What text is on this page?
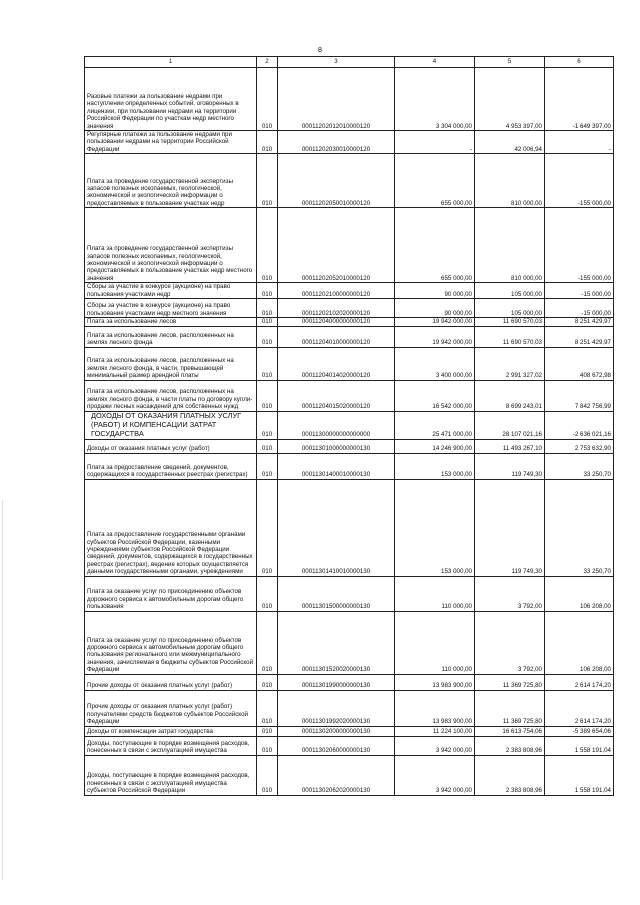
8
1	2	3	4	5	6
Разовые платежи за пользование недрами при наступлении определенных событий, оговоренных в лицензии, при пользовании недрами на территории Российской Федерации по участкам недр местного значения	010	00011202012010000120	3 304 000,00	4 953 397,00	-1 649 397,00
Регулярные платежи за пользование недрами при пользовании недрами на территории Российской Федерации	010	00011202030010000120	-	42 006,94	-
Плата за проведение государственной экспертизы запасов полезных ископаемых, геологической, экономической и экологической информации о предоставляемых в пользование участках недр	010	00011202050010000120	655 000,00	810 000,00	-155 000,00
Плата за проведение государственной экспертизы запасов полезных ископаемых, геологической, экономической и экологической информации о предоставляемых в пользование участках недр местного значения	010	00011202052010000120	655 000,00	810 000,00	-155 000,00
Сборы за участие в конкурсе (аукционе) на право пользования участками недр	010	00011202100000000120	90 000,00	105 000,00	-15 000,00
Сборы за участие в конкурсе (аукционе) на право пользования участками недр местного значения	010	00011202102020000120	90 000,00	105 000,00	-15 000,00
Плата за использование лесов	010	00011204000000000120	19 942 000,00	11 690 570,03	8 251 429,97
Плата за использование лесов, расположенных на землях лесного фонда	010	00011204010000000120	19 942 000,00	11 690 570,03	8 251 429,97
Плата за использование лесов, расположенных на землях лесного фонда, в части, превышающей минимальный размер арендной платы	010	00011204014020000120	3 400 000,00	2 991 327,02	408 672,98
Плата за использование лесов, расположенных на землях лесного фонда, в части платы по договору купли-продажи лесных насаждений для собственных нужд	010	00011204015020000120	16 542 000,00	8 699 243,01	7 842 756,99
ДОХОДЫ ОТ ОКАЗАНИЯ ПЛАТНЫХ УСЛУГ (РАБОТ) И КОМПЕНСАЦИИ ЗАТРАТ ГОСУДАРСТВА	010	00011300000000000000	25 471 000,00	28 107 021,16	-2 636 021,16
Доходы от оказания платных услуг (работ)	010	00011301000000000130	14 246 900,00	11 493 267,10	2 753 632,90
Плата за предоставление сведений, документов, содержащихся в государственных реестрах (регистрах)	010	00011301400010000130	153 000,00	119 749,30	33 250,70
Плата за предоставление государственными органами субъектов Российской Федерации, казенными учреждениями субъектов Российской Федерации сведений, документов, содержащихся в государственных реестрах (регистрах), ведение которых осуществляется данными государственными органами, учреждениями	010	00011301410010000130	153 000,00	119 749,30	33 250,70
Плата за оказание услуг по присоединению объектов дорожного сервиса к автомобильным дорогам общего пользования	010	00011301500000000130	110 000,00	3 792,00	106 208,00
Плата за оказание услуг по присоединению объектов дорожного сервиса к автомобильным дорогам общего пользования регионального или межмуниципального значения, зачисляемая в бюджеты субъектов Российской Федерации	010	00011301520020000130	110 000,00	3 792,00	106 208,00
Прочие доходы от оказания платных услуг (работ)	010	00011301990000000130	13 983 900,00	11 369 725,80	2 614 174,20
Прочие доходы от оказания платных услуг (работ) получателями средств бюджетов субъектов Российской Федерации	010	00011301992020000130	13 983 900,00	11 369 725,80	2 614 174,20
Доходы от компенсации затрат государства	010	00011302000000000130	11 224 100,00	16 613 754,06	-5 389 654,06
Доходы, поступающие в порядке возмещения расходов, понесенных в связи с эксплуатацией имущества	010	00011302060000000130	3 942 000,00	2 383 808,96	1 558 191,04
Доходы, поступающие в порядке возмещения расходов, понесенных в связи с эксплуатацией имущества субъектов Российской Федерации	010	00011302062020000130	3 942 000,00	2 383 808,96	1 558 191,04
